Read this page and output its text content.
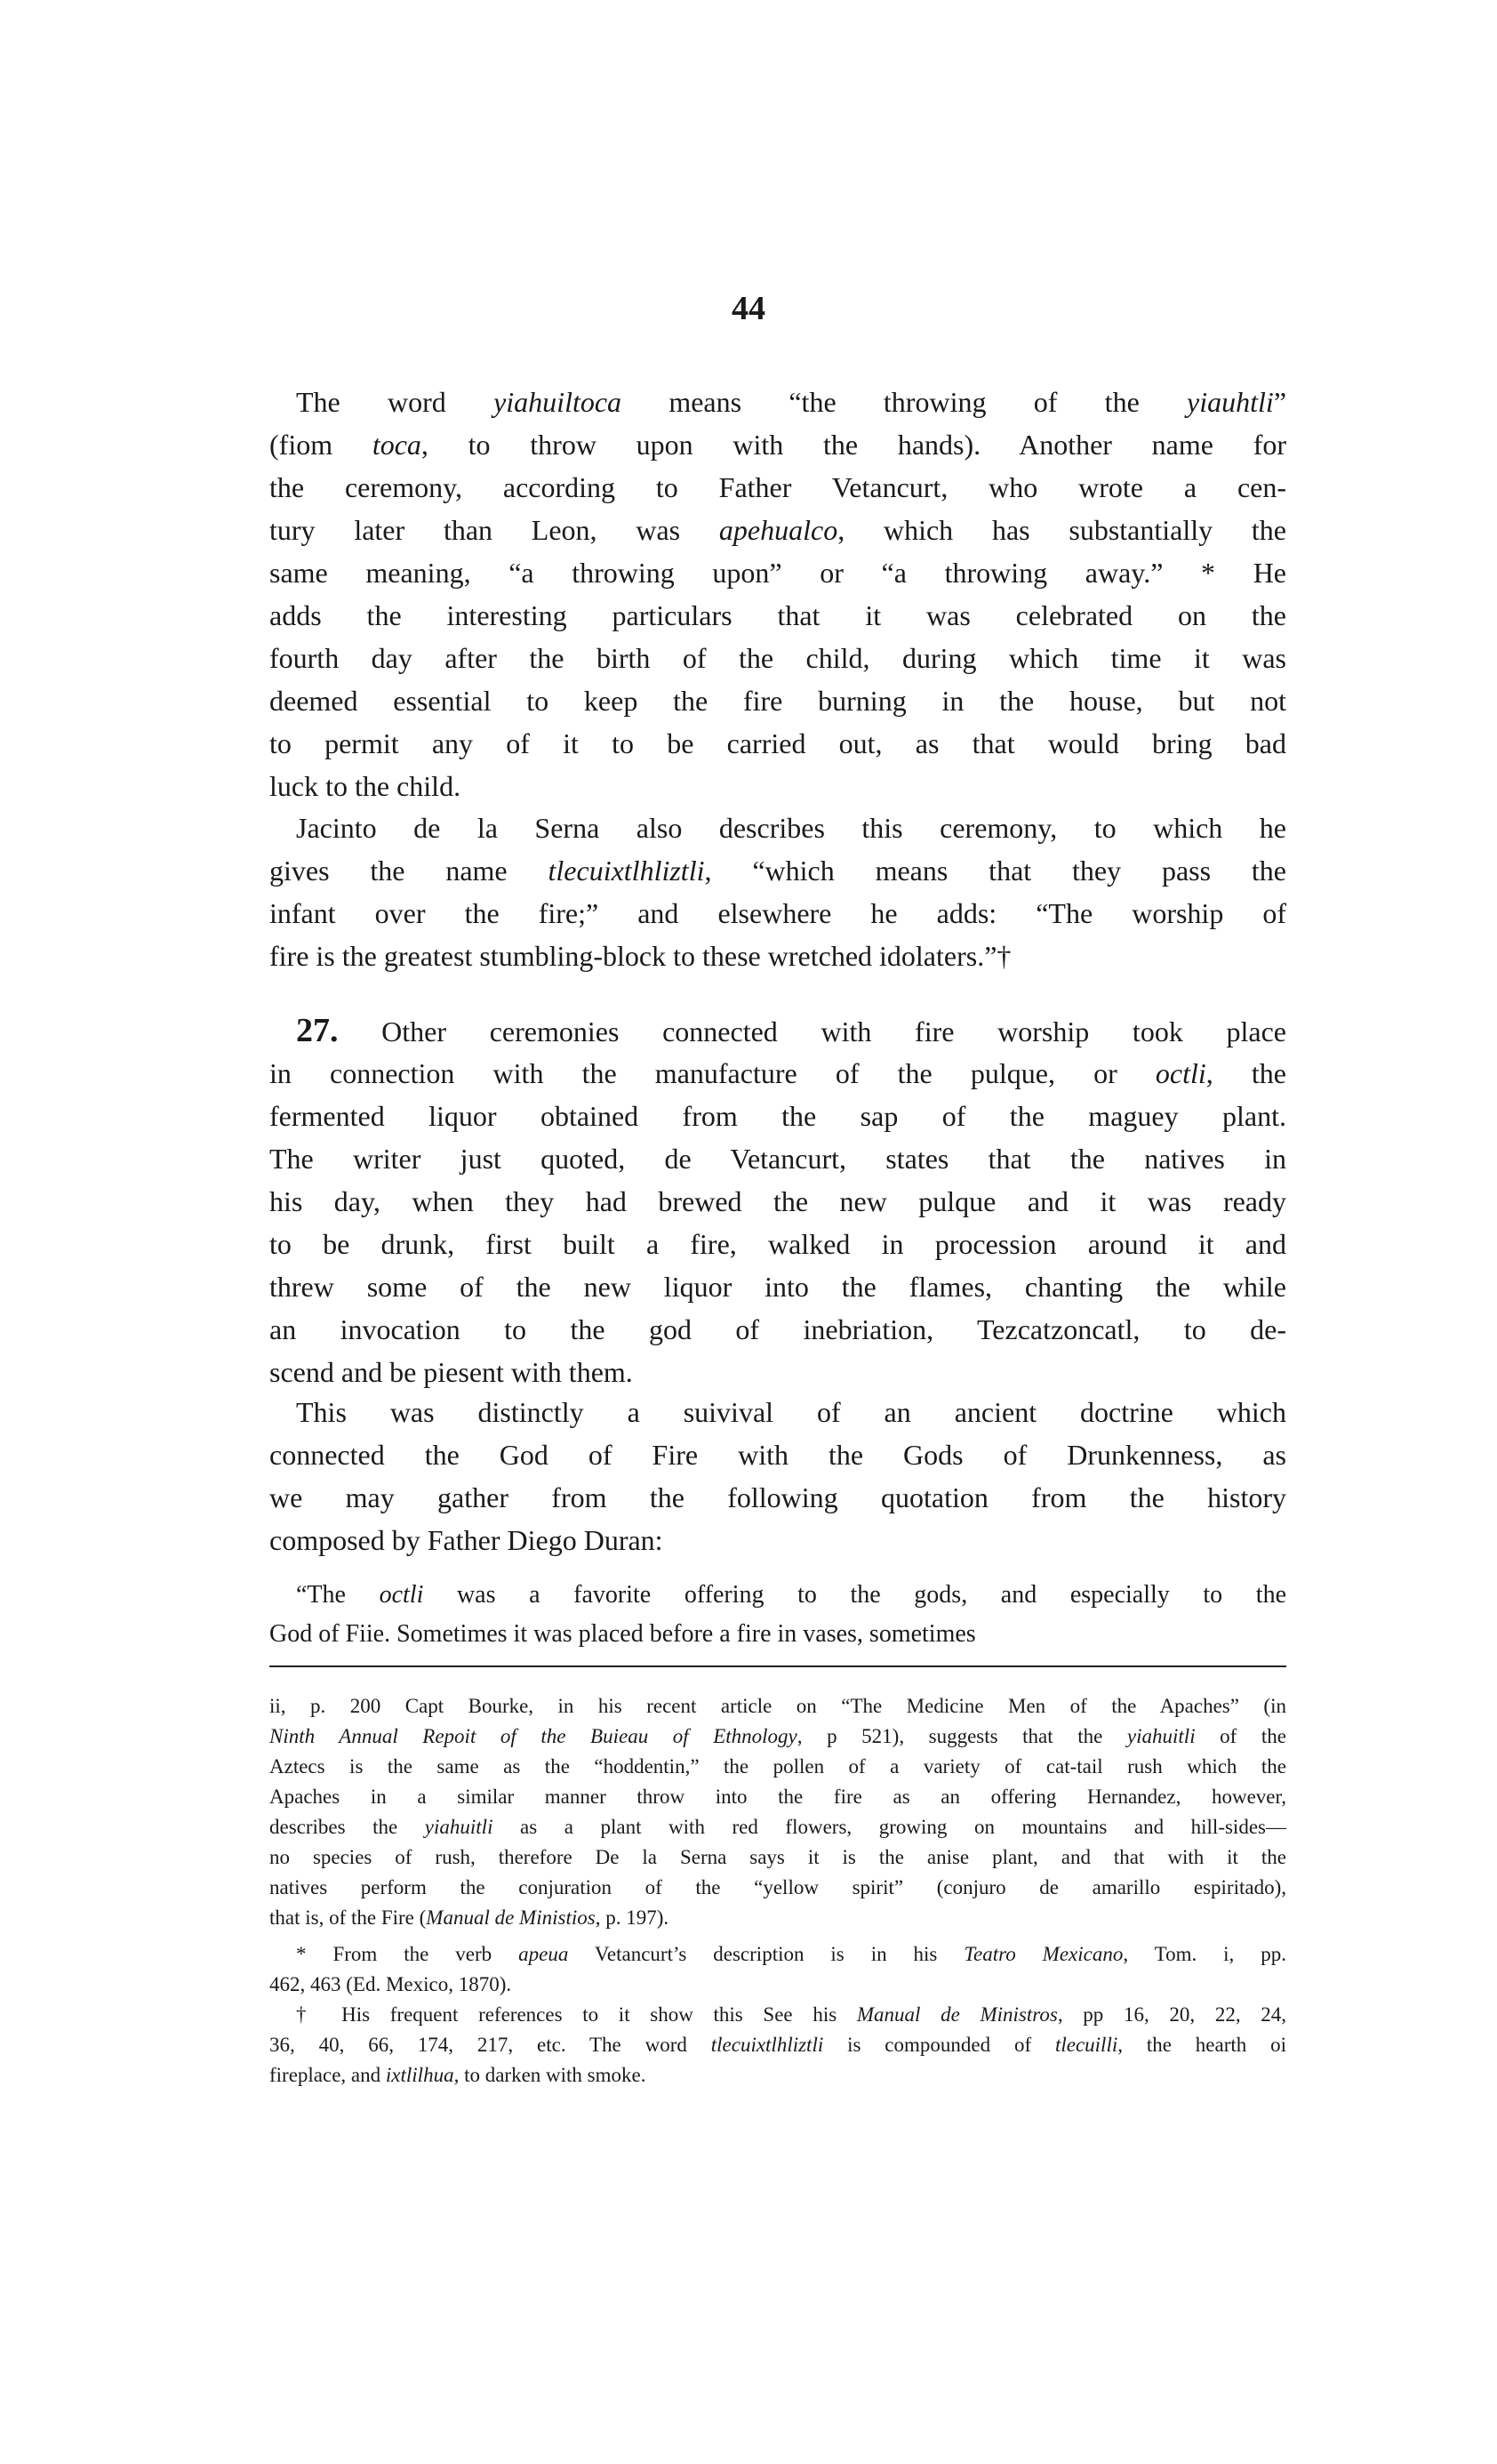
44
The word yiahuiltoca means “the throwing of the yiauhtli”
(fiom toca, to throw upon with the hands). Another name for
the ceremony, according to Father Vetancurt, who wrote a cen-
tury later than Leon, was apehualco, which has substantially the
same meaning, “a throwing upon” or “a throwing away.” * He
adds the interesting particulars that it was celebrated on the
fourth day after the birth of the child, during which time it was
deemed essential to keep the fire burning in the house, but not
to permit any of it to be carried out, as that would bring bad
luck to the child.
Jacinto de la Serna also describes this ceremony, to which he
gives the name tlecuixtlhliztli, “which means that they pass the
infant over the fire;” and elsewhere he adds: “The worship of
fire is the greatest stumbling-block to these wretched idolaters.”†
27. Other ceremonies connected with fire worship took place
in connection with the manufacture of the pulque, or octli, the
fermented liquor obtained from the sap of the maguey plant.
The writer just quoted, de Vetancurt, states that the natives in
his day, when they had brewed the new pulque and it was ready
to be drunk, first built a fire, walked in procession around it and
threw some of the new liquor into the flames, chanting the while
an invocation to the god of inebriation, Tezcatzoncatl, to de-
scend and be piesent with them.
This was distinctly a suivival of an ancient doctrine which
connected the God of Fire with the Gods of Drunkenness, as
we may gather from the following quotation from the history
composed by Father Diego Duran:
“The octli was a favorite offering to the gods, and especially to the
God of Fiie. Sometimes it was placed before a fire in vases, sometimes
ii, p. 200 Capt Bourke, in his recent article on “The Medicine Men of the Apaches” (in
Ninth Annual Repoit of the Buieau of Ethnology, p 521), suggests that the yiahuitli of the
Aztecs is the same as the “hoddentin,” the pollen of a variety of cat-tail rush which the
Apaches in a similar manner throw into the fire as an offering Hernandez, however,
describes the yiahuitli as a plant with red flowers, growing on mountains and hill-sides—
no species of rush, therefore De la Serna says it is the anise plant, and that with it the
natives perform the conjuration of the “yellow spirit” (conjuro de amarillo espiritado),
that is, of the Fire (Manual de Ministios, p. 197).
* From the verb apeua Vetancurt’s description is in his Teatro Mexicano, Tom. i, pp.
462, 463 (Ed. Mexico, 1870).
† His frequent references to it show this See his Manual de Ministros, pp 16, 20, 22, 24,
36, 40, 66, 174, 217, etc. The word tlecuixtlhliztli is compounded of tlecuilli, the hearth oi
fireplace, and ixtlilhua, to darken with smoke.
